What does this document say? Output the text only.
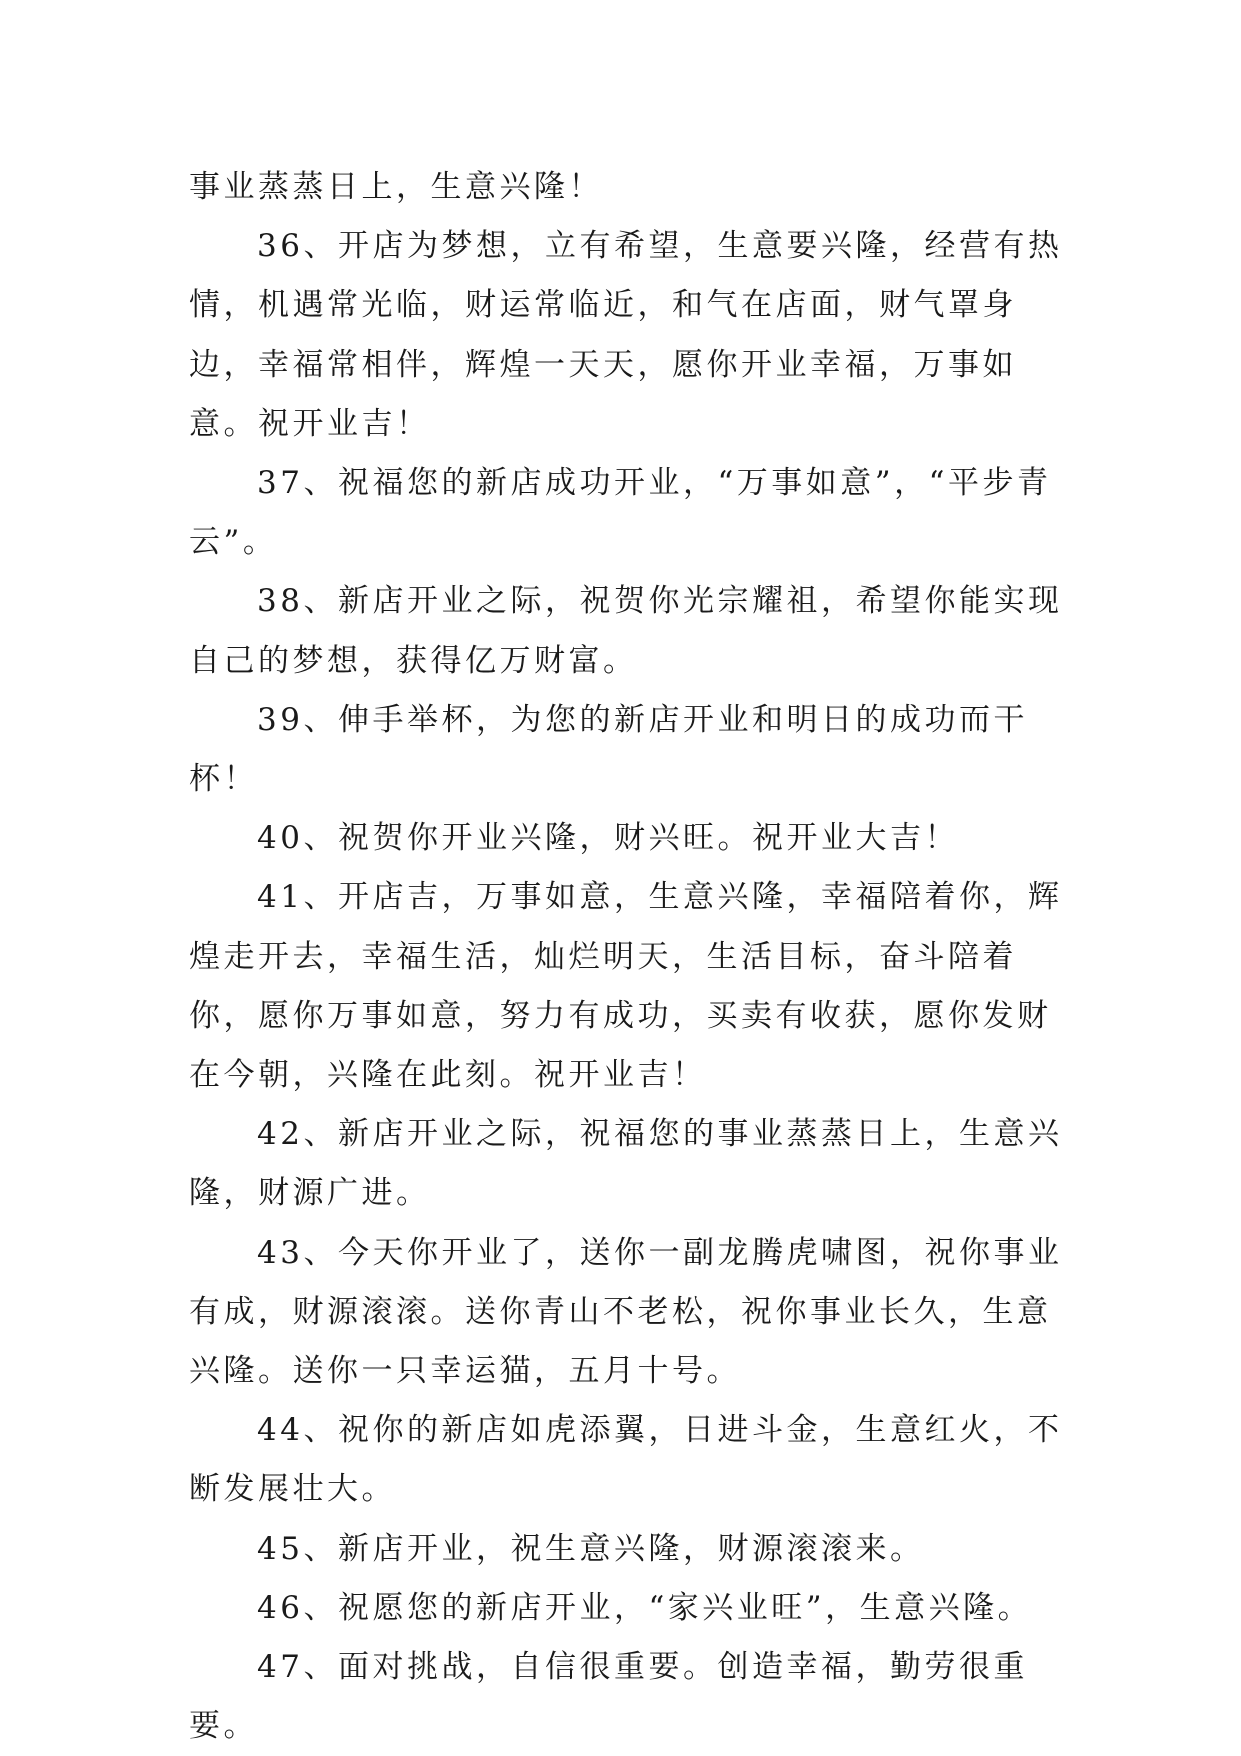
事业蒸蒸日上，生意兴隆！

36、开店为梦想，立有希望，生意要兴隆，经营有热情，机遇常光临，财运常临近，和气在店面，财气罩身边，幸福常相伴，辉煌一天天，愿你开业幸福，万事如意。祝开业吉！

37、祝福您的新店成功开业，“万事如意”，“平步青云”。

38、新店开业之际，祝贺你光宗耀祖，希望你能实现自己的梦想，获得亿万财富。

39、伸手举杯，为您的新店开业和明日的成功而干杯！

40、祝贺你开业兴隆，财兴旺。祝开业大吉！

41、开店吉，万事如意，生意兴隆，幸福陪着你，辉煌走开去，幸福生活，灿烂明天，生活目标，奋斗陪着你，愿你万事如意，努力有成功，买卖有收获，愿你发财在今朝，兴隆在此刻。祝开业吉！

42、新店开业之际，祝福您的事业蒸蒸日上，生意兴隆，财源广进。

43、今天你开业了，送你一副龙腾虎啸图，祝你事业有成，财源滚滚。送你青山不老松，祝你事业长久，生意兴隆。送你一只幸运猫，五月十号。

44、祝你的新店如虎添翼，日进斗金，生意红火，不断发展壮大。

45、新店开业，祝生意兴隆，财源滚滚来。

46、祝愿您的新店开业，“家兴业旺”，生意兴隆。

47、面对挑战，自信很重要。创造幸福，勤劳很重要。
